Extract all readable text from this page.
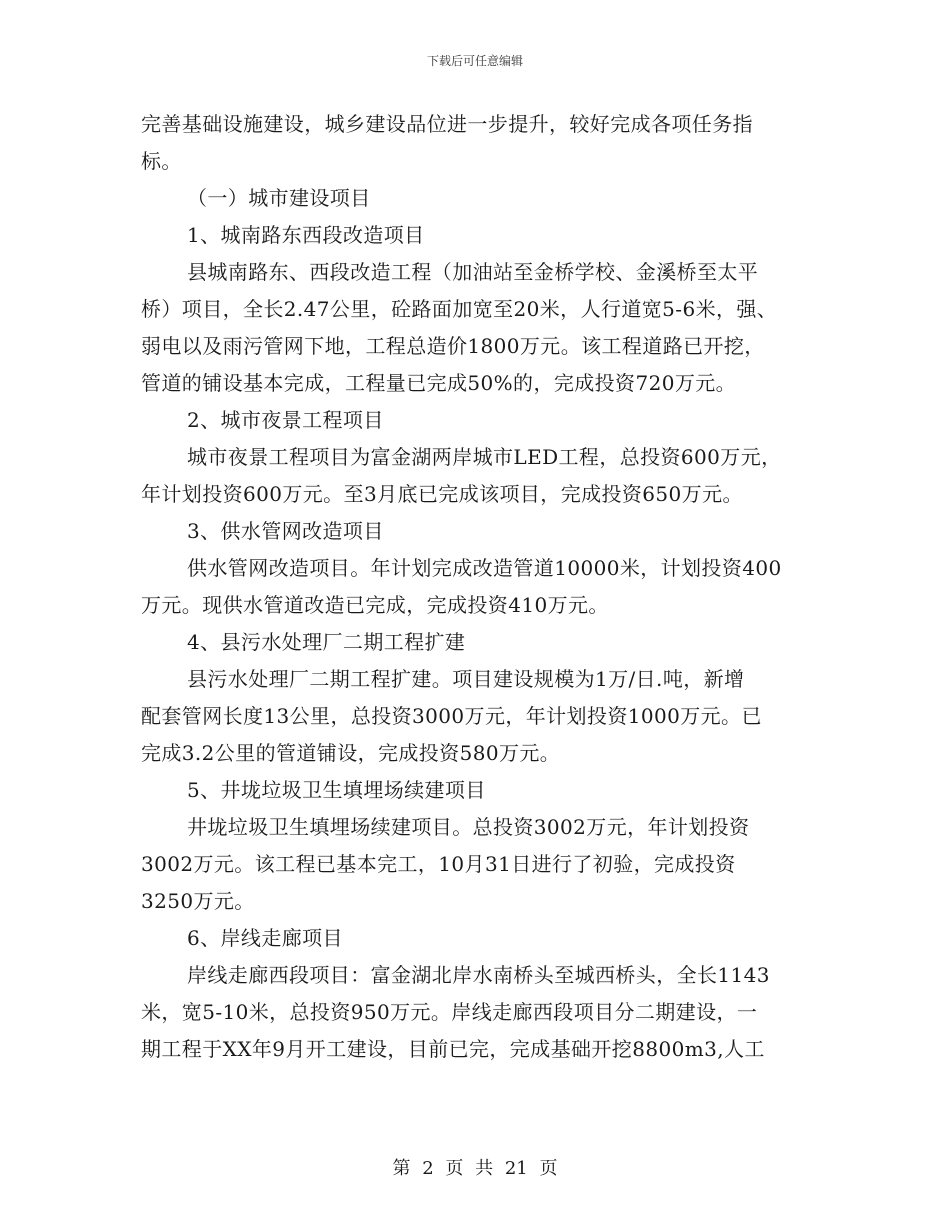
下载后可任意编辑
完善基础设施建设，城乡建设品位进一步提升，较好完成各项任务指
标。
（一）城市建设项目
1、城南路东西段改造项目
县城南路东、西段改造工程（加油站至金桥学校、金溪桥至太平
桥）项目，全长2.47公里，砼路面加宽至20米，人行道宽5-6米，强、
弱电以及雨污管网下地，工程总造价1800万元。该工程道路已开挖，
管道的铺设基本完成，工程量已完成50%的，完成投资720万元。
2、城市夜景工程项目
城市夜景工程项目为富金湖两岸城市LED工程，总投资600万元，
年计划投资600万元。至3月底已完成该项目，完成投资650万元。
3、供水管网改造项目
供水管网改造项目。年计划完成改造管道10000米，计划投资400
万元。现供水管道改造已完成，完成投资410万元。
4、县污水处理厂二期工程扩建
县污水处理厂二期工程扩建。项目建设规模为1万/日.吨，新增
配套管网长度13公里，总投资3000万元，年计划投资1000万元。已
完成3.2公里的管道铺设，完成投资580万元。
5、井垅垃圾卫生填埋场续建项目
井垅垃圾卫生填埋场续建项目。总投资3002万元，年计划投资
3002万元。该工程已基本完工，10月31日进行了初验，完成投资
3250万元。
6、岸线走廊项目
岸线走廊西段项目：富金湖北岸水南桥头至城西桥头，全长1143
米，宽5-10米，总投资950万元。岸线走廊西段项目分二期建设，一
期工程于XX年9月开工建设，目前已完，完成基础开挖8800m3,人工
第 2 页 共 21 页
